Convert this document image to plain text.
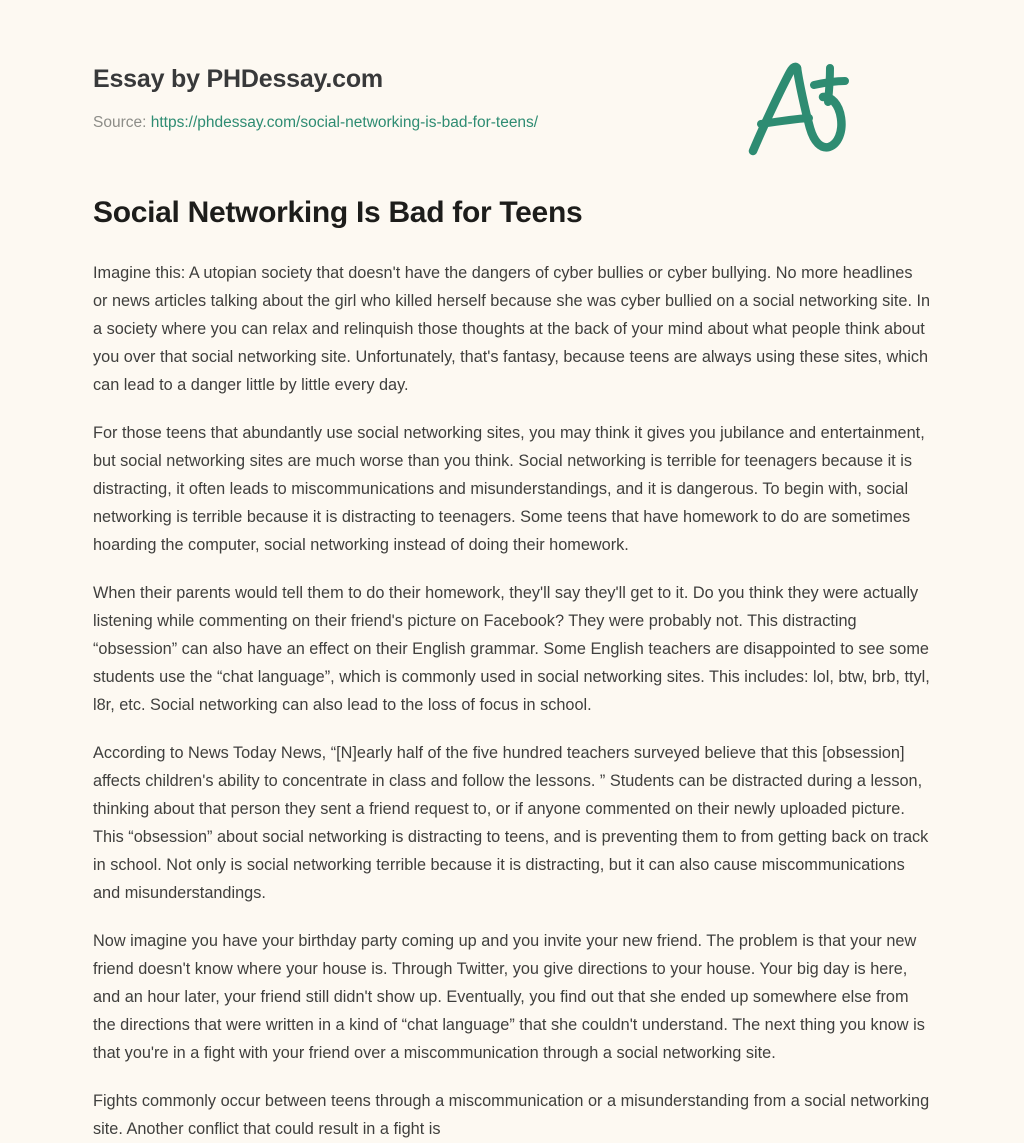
Essay by PHDessay.com
Source: https://phdessay.com/social-networking-is-bad-for-teens/
Social Networking Is Bad for Teens

Imagine this: A utopian society that doesn't have the dangers of cyber bullies or cyber bullying. No more headlines or news articles talking about the girl who killed herself because she was cyber bullied on a social networking site. In a society where you can relax and relinquish those thoughts at the back of your mind about what people think about you over that social networking site. Unfortunately, that's fantasy, because teens are always using these sites, which can lead to a danger little by little every day.

For those teens that abundantly use social networking sites, you may think it gives you jubilance and entertainment, but social networking sites are much worse than you think. Social networking is terrible for teenagers because it is distracting, it often leads to miscommunications and misunderstandings, and it is dangerous. To begin with, social networking is terrible because it is distracting to teenagers. Some teens that have homework to do are sometimes hoarding the computer, social networking instead of doing their homework.

When their parents would tell them to do their homework, they'll say they'll get to it. Do you think they were actually listening while commenting on their friend's picture on Facebook? They were probably not. This distracting “obsession” can also have an effect on their English grammar. Some English teachers are disappointed to see some students use the “chat language”, which is commonly used in social networking sites. This includes: lol, btw, brb, ttyl, l8r, etc. Social networking can also lead to the loss of focus in school.

According to News Today News, “[N]early half of the five hundred teachers surveyed believe that this [obsession] affects children's ability to concentrate in class and follow the lessons. ” Students can be distracted during a lesson, thinking about that person they sent a friend request to, or if anyone commented on their newly uploaded picture. This “obsession” about social networking is distracting to teens, and is preventing them to from getting back on track in school. Not only is social networking terrible because it is distracting, but it can also cause miscommunications and misunderstandings.

Now imagine you have your birthday party coming up and you invite your new friend. The problem is that your new friend doesn't know where your house is. Through Twitter, you give directions to your house. Your big day is here, and an hour later, your friend still didn't show up. Eventually, you find out that she ended up somewhere else from the directions that were written in a kind of “chat language” that she couldn't understand. The next thing you know is that you're in a fight with your friend over a miscommunication through a social networking site.

Fights commonly occur between teens through a miscommunication or a misunderstanding from a social networking site. Another conflict that could result in a fight is
